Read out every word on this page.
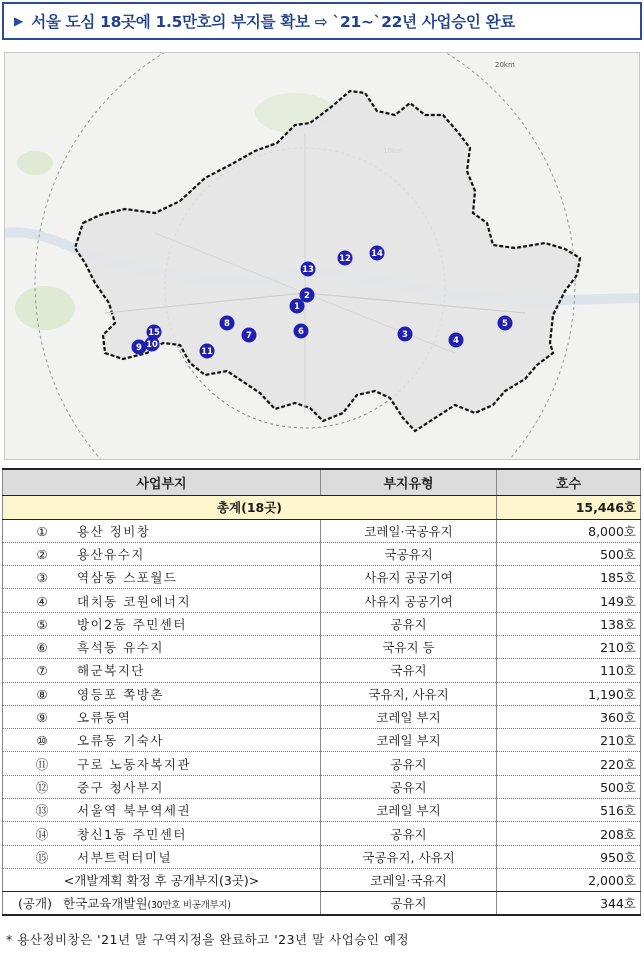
▶ 서울 도심 18곳에 1.5만호의 부지를 확보 ⇨ `21~`22년 사업승인 완료
20km
1
2
3
4
5
6
7
8
9 10
11
12
13
14
15
사업부지	부지유형	호수
총계(18곳)		15,446호
① 용산 정비창	코레일·국공유지	8,000호
② 용산유수지	국공유지	500호
③ 역삼동 스포월드	사유지 공공기여	185호
④ 대치동 코원에너지	사유지 공공기여	149호
⑤ 방이2동 주민센터	공유지	138호
⑥ 흑석동 유수지	국유지 등	210호
⑦ 해군복지단	국유지	110호
⑧ 영등포 쪽방촌	국유지, 사유지	1,190호
⑨ 오류동역	코레일 부지	360호
⑩ 오류동 기숙사	코레일 부지	210호
⑪ 구로 노동자복지관	공유지	220호
⑫ 중구 청사부지	공유지	500호
⑬ 서울역 북부역세권	코레일 부지	516호
⑭ 창신1동 주민센터	공유지	208호
⑮ 서부트럭터미널	국공유지, 사유지	950호
<개발계획 확정 후 공개부지(3곳)>	코레일·국유지	2,000호
(공개) 한국교육개발원(30만호 비공개부지)	공유지	344호
* 용산정비창은 '21년 말 구역지정을 완료하고 '23년 말 사업승인 예정
